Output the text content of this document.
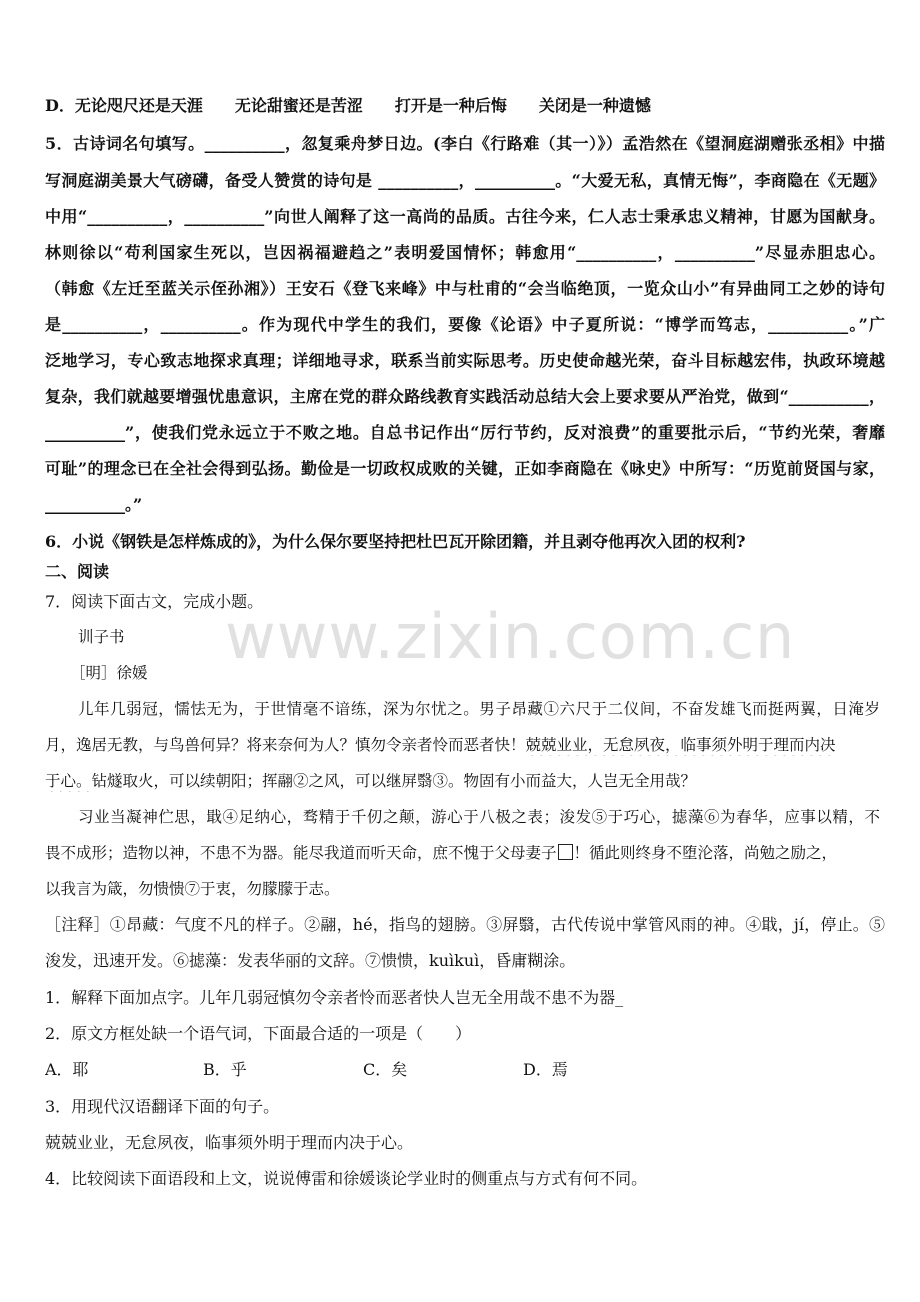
www.zixin.com.cn
D．无论咫尺还是天涯　　无论甜蜜还是苦涩　　打开是一种后悔　　关闭是一种遗憾
5．古诗词名句填写。__________，忽复乘舟梦日边。(李白《行路难（其一）》）孟浩然在《望洞庭湖赠张丞相》中描
写洞庭湖美景大气磅礴，备受人赞赏的诗句是 __________，__________。“大爱无私，真情无悔”，李商隐在《无题》
中用“__________，__________”向世人阐释了这一高尚的品质。古往今来，仁人志士秉承忠义精神，甘愿为国献身。
林则徐以“苟利国家生死以，岂因祸福避趋之”表明爱国情怀；韩愈用“__________，__________”尽显赤胆忠心。
（韩愈《左迁至蓝关示侄孙湘》）王安石《登飞来峰》中与杜甫的“会当临绝顶，一览众山小”有异曲同工之妙的诗句
是__________，__________。作为现代中学生的我们，要像《论语》中子夏所说：“博学而笃志，__________。”广
泛地学习，专心致志地探求真理；详细地寻求，联系当前实际思考。历史使命越光荣，奋斗目标越宏伟，执政环境越
复杂，我们就越要增强忧患意识，主席在党的群众路线教育实践活动总结大会上要求要从严治党，做到“__________，
__________”，使我们党永远立于不败之地。自总书记作出“厉行节约，反对浪费”的重要批示后，“节约光荣，奢靡
可耻”的理念已在全社会得到弘扬。勤俭是一切政权成败的关键，正如李商隐在《咏史》中所写：“历览前贤国与家，
__________。”
6．小说《钢铁是怎样炼成的》，为什么保尔要坚持把杜巴瓦开除团籍，并且剥夺他再次入团的权利?
二、阅读
7．阅读下面古文，完成小题。
训子书
［明］徐媛
儿年几弱冠，懦怯无为，于世情毫不谙练，深为尔忧之。男子昂藏①六尺于二仪间，不奋发雄飞而挺两翼，日淹岁
月，逸居无教，与鸟兽何异？将来奈何为人？慎勿令亲者怜而恶者快！兢兢业业，无怠夙夜，临事须外明于理而内决
于心。钻燧取火，可以续朝阳；挥翮②之风，可以继屏翳③。物固有小而益大，人岂无全用哉？
习业当凝神伫思，戢④足纳心，骛精于千仞之颠，游心于八极之表；浚发⑤于巧心，摅藻⑥为春华，应事以精，不
畏不成形；造物以神，不患不为器。能尽我道而听天命，庶不愧于父母妻子 ！循此则终身不堕沦落，尚勉之励之，
以我言为箴，勿愦愦⑦于衷，勿朦朦于志。
［注释］①昂藏：气度不凡的样子。②翮，hé，指鸟的翅膀。③屏翳，古代传说中掌管风雨的神。④戢，jí，停止。⑤
浚发，迅速开发。⑥摅藻：发表华丽的文辞。⑦愦愦，kuìkuì，昏庸糊涂。
1．解释下面加点字。儿年几弱冠慎勿令亲者怜而恶者快人岂无全用哉不患不为器_
2．原文方框处缺一个语气词，下面最合适的一项是（　　）
A．耶	B．乎	C．矣	D．焉
3．用现代汉语翻译下面的句子。
兢兢业业，无怠夙夜，临事须外明于理而内决于心。
4．比较阅读下面语段和上文，说说傅雷和徐媛谈论学业时的侧重点与方式有何不同。
